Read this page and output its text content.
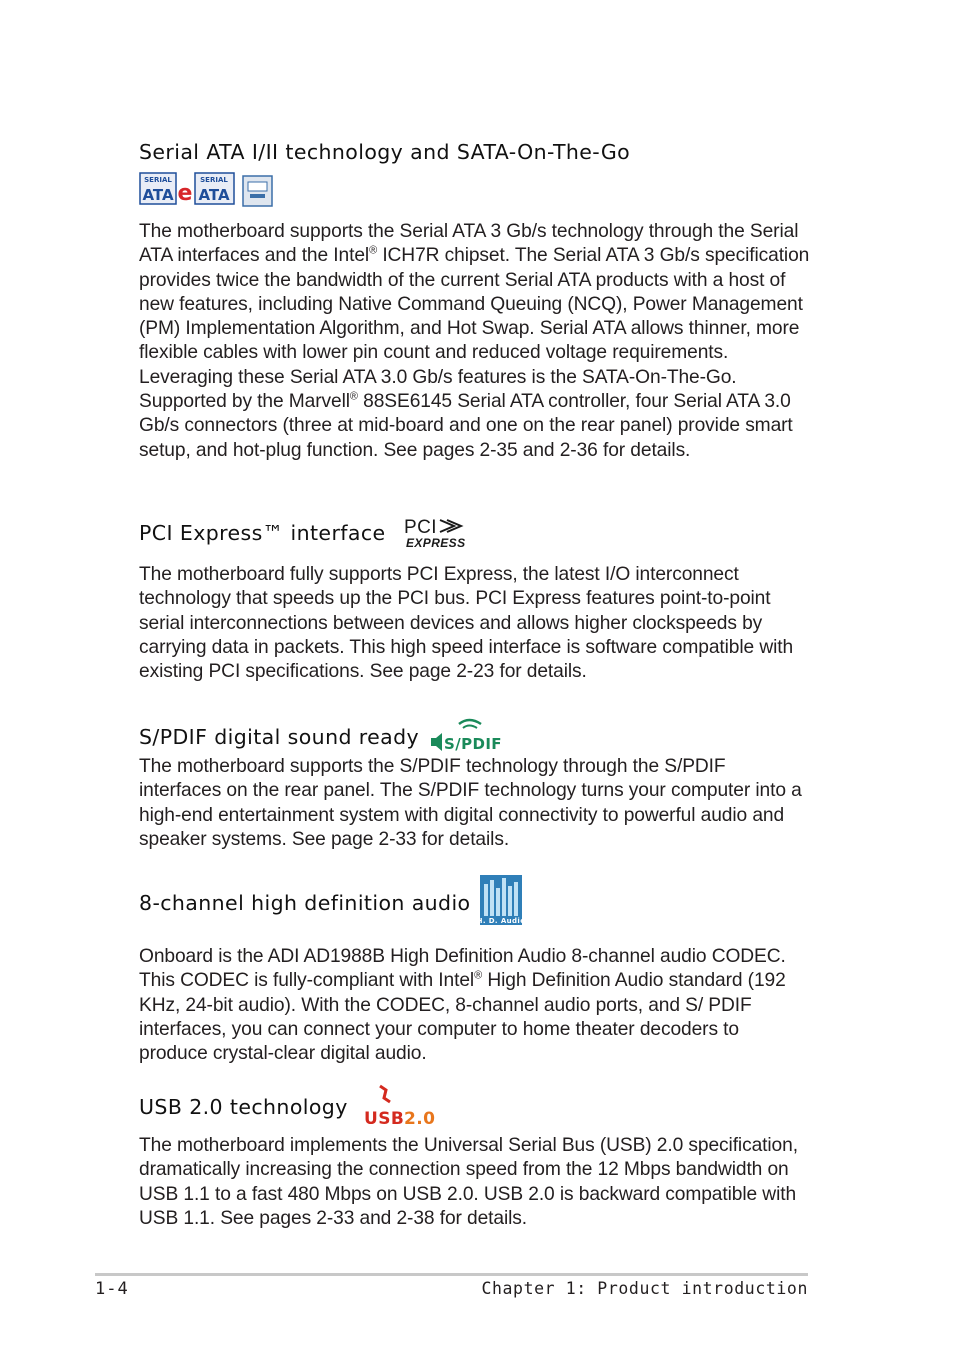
Serial ATA I/II technology and SATA-On-The-Go
SERIAL
ATA e
SERIAL
ATA

The motherboard supports the Serial ATA 3 Gb/s technology through the Serial ATA interfaces and the Intel® ICH7R chipset. The Serial ATA 3 Gb/s specification provides twice the bandwidth of the current Serial ATA products with a host of new features, including Native Command Queuing (NCQ), Power Management (PM) Implementation Algorithm, and Hot Swap. Serial ATA allows thinner, more flexible cables with lower pin count and reduced voltage requirements. Leveraging these Serial ATA 3.0 Gb/s features is the SATA-On-The-Go. Supported by the Marvell® 88SE6145 Serial ATA controller, four Serial ATA 3.0 Gb/s connectors (three at mid-board and one on the rear panel) provide smart setup, and hot-plug function. See pages 2-35 and 2-36 for details.

PCI Express™ interface PCI
EXPRESS

The motherboard fully supports PCI Express, the latest I/O interconnect technology that speeds up the PCI bus. PCI Express features point-to-point serial interconnections between devices and allows higher clockspeeds by carrying data in packets. This high speed interface is software compatible with existing PCI specifications. See page 2-23 for details.

S/PDIF digital sound ready S/PDIF

The motherboard supports the S/PDIF technology through the S/PDIF interfaces on the rear panel. The S/PDIF technology turns your computer into a high-end entertainment system with digital connectivity to powerful audio and speaker systems. See page 2-33 for details.

8-channel high definition audio
H. D. Audio

Onboard is the ADI AD1988B High Definition Audio 8-channel audio CODEC. This CODEC is fully-compliant with Intel® High Definition Audio standard (192 KHz, 24-bit audio). With the CODEC, 8-channel audio ports, and S/ PDIF interfaces, you can connect your computer to home theater decoders to produce crystal-clear digital audio.

USB 2.0 technology USB 2.0

The motherboard implements the Universal Serial Bus (USB) 2.0 specification, dramatically increasing the connection speed from the 12 Mbps bandwidth on USB 1.1 to a fast 480 Mbps on USB 2.0. USB 2.0 is backward compatible with USB 1.1. See pages 2-33 and 2-38 for details.

1-4	Chapter 1: Product introduction
